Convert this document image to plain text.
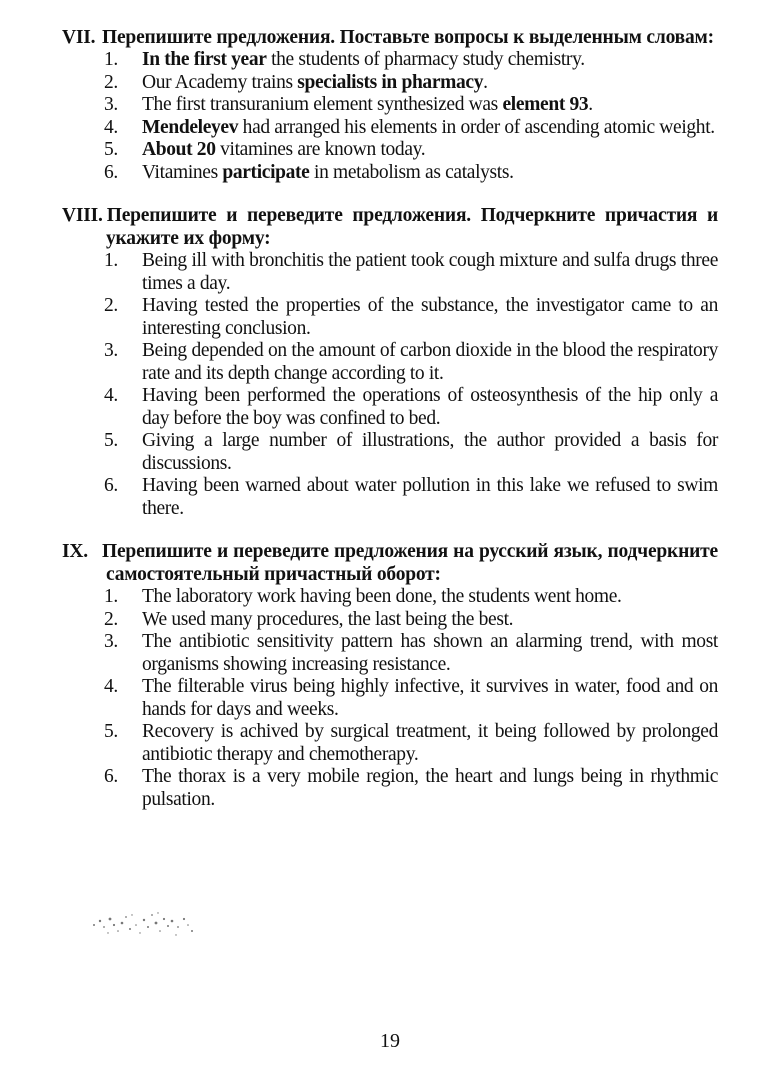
VII. Перепишите предложения. Поставьте вопросы к выделенным словам:
1. In the first year the students of pharmacy study chemistry.
2. Our Academy trains specialists in pharmacy.
3. The first transuranium element synthesized was element 93.
4. Mendeleyev had arranged his elements in order of ascending atomic weight.
5. About 20 vitamines are known today.
6. Vitamines participate in metabolism as catalysts.
VIII. Перепишите и переведите предложения. Подчеркните причастия и укажите их форму:
1. Being ill with bronchitis the patient took cough mixture and sulfa drugs three times a day.
2. Having tested the properties of the substance, the investigator came to an interesting conclusion.
3. Being depended on the amount of carbon dioxide in the blood the respiratory rate and its depth change according to it.
4. Having been performed the operations of osteosynthesis of the hip only a day before the boy was confined to bed.
5. Giving a large number of illustrations, the author provided a basis for discussions.
6. Having been warned about water pollution in this lake we refused to swim there.
IX. Перепишите и переведите предложения на русский язык, подчеркните самостоятельный причастный оборот:
1. The laboratory work having been done, the students went home.
2. We used many procedures, the last being the best.
3. The antibiotic sensitivity pattern has shown an alarming trend, with most organisms showing increasing resistance.
4. The filterable virus being highly infective, it survives in water, food and on hands for days and weeks.
5. Recovery is achived by surgical treatment, it being followed by prolonged antibiotic therapy and chemotherapy.
6. The thorax is a very mobile region, the heart and lungs being in rhythmic pulsation.
19
